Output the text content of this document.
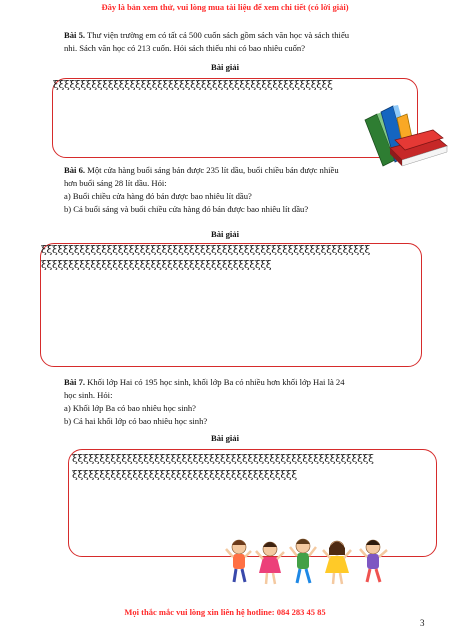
Đây là bản xem thử, vui lòng mua tài liệu để xem chi tiết (có lời giải)
Bài 5. Thư viện trường em có tất cả 500 cuốn sách gồm sách văn học và sách thiếu
nhi. Sách văn học có 213 cuốn. Hỏi sách thiếu nhi có bao nhiêu cuốn?
Bài giải
ξξξξξξξξξξξξξξξξξξξξξξξξξξξξξξξξξξξξξξξξξξξξξξξξξξξ
Bài 6. Một cửa hàng buổi sáng bán được 235 lít dầu, buổi chiều bán được nhiều
hơn buổi sáng 28 lít dầu. Hỏi:
a) Buổi chiều cửa hàng đó bán được bao nhiêu lít dầu?
b) Cả buổi sáng và buổi chiều cửa hàng đó bán được bao nhiêu lít dầu?
Bài giải
ξξξξξξξξξξξξξξξξξξξξξξξξξξξξξξξξξξξξξξξξξξξξξξξξξξξξξξξξξξξξ
ξξξξξξξξξξξξξξξξξξξξξξξξξξξξξξξξξξξξξξξξξξ
Bài 7. Khối lớp Hai có 195 học sinh, khối lớp Ba có nhiều hơn khối lớp Hai là 24
học sinh. Hỏi:
a) Khối lớp Ba có bao nhiêu học sinh?
b) Cả hai khối lớp có bao nhiêu học sinh?
Bài giải
ξξξξξξξξξξξξξξξξξξξξξξξξξξξξξξξξξξξξξξξξξξξξξξξξξξξξξξξ
ξξξξξξξξξξξξξξξξξξξξξξξξξξξξξξξξξξξξξξξξξ
Mọi thắc mắc vui lòng xin liên hệ hotline: 084 283 45 85
3
